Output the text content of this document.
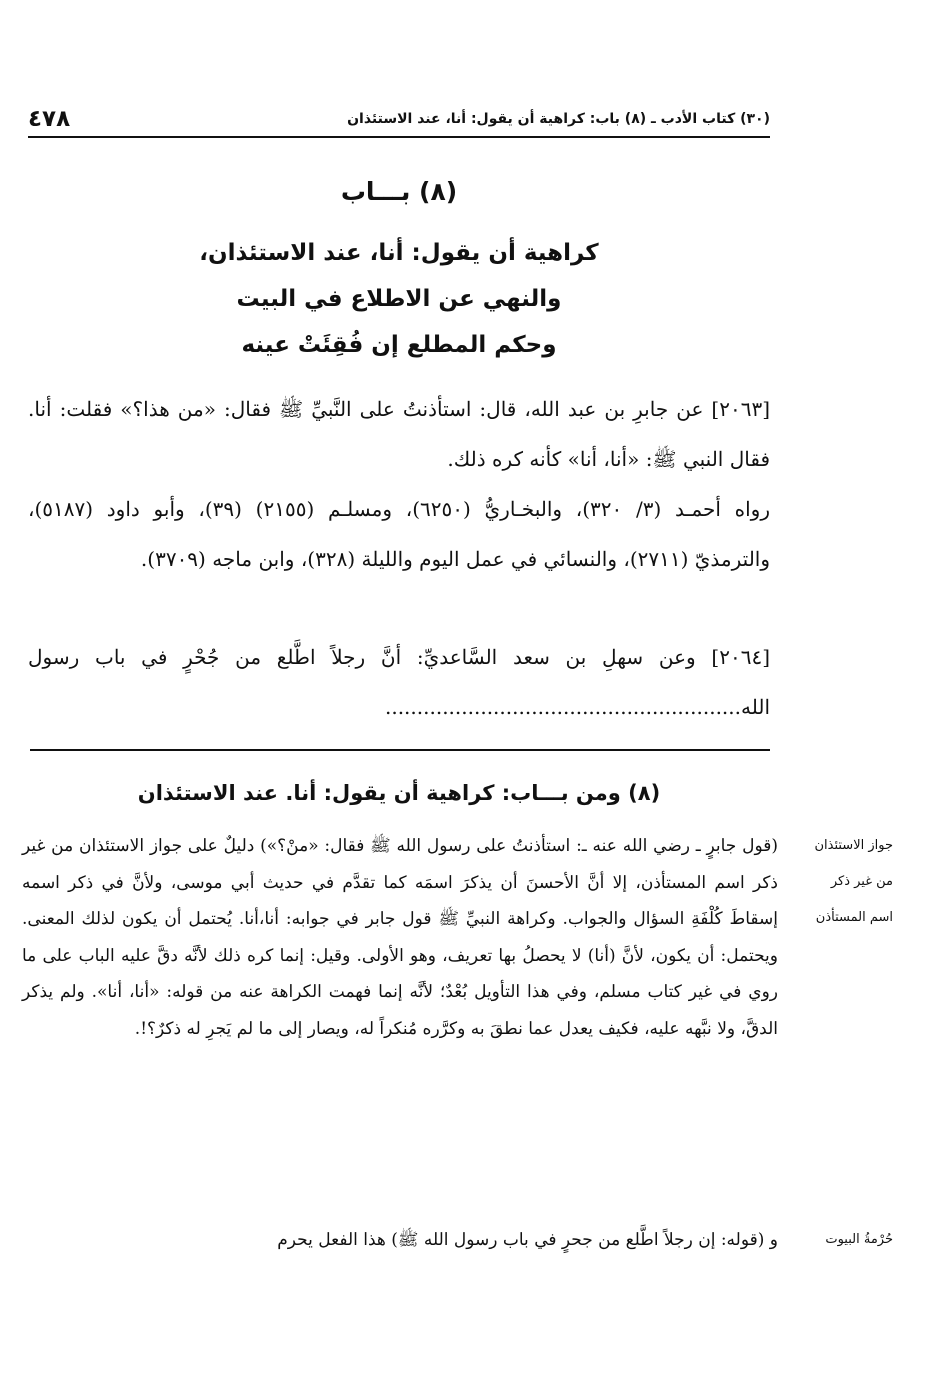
(٣٠) كتاب الأدب ـ (٨) باب: كراهية أن يقول: أنا، عند الاستئذان
٤٧٨
(٨) بـــاب

كراهية أن يقول: أنا، عند الاستئذان،

والنهي عن الاطلاع في البيت

وحكم المطلع إن فُقِئَتْ عينه

[٢٠٦٣] عن جابرِ بن عبد الله، قال: استأذنتُ على النَّبيِّ ﷺ فقال: «من هذا؟» فقلت: أنا. فقال النبي ﷺ: «أنا، أنا» كأنه كره ذلك.

رواه أحمـد (٣/ ٣٢٠)، والبخـاريُّ (٦٢٥٠)، ومسلـم (٢١٥٥) (٣٩)، وأبو داود (٥١٨٧)، والترمذيّ (٢٧١١)، والنسائي في عمل اليوم والليلة (٣٢٨)، وابن ماجه (٣٧٠٩).

[٢٠٦٤] وعن سهلِ بن سعد السَّاعديِّ: أنَّ رجلاً اطَّلع من جُحْرٍ في باب رسول الله........................................................

(٨) ومن بـــاب: كراهية أن يقول: أنا. عند الاستئذان
جواز الاستئذان
من غير ذكر
اسم المستأذن
حُرْمةُ البيوت

(قول جابرٍ ـ رضي الله عنه ـ: استأذنتُ على رسول الله ﷺ فقال: «منْ؟») دليلٌ على جواز الاستئذان من غير ذكر اسم المستأذن، إلا أنَّ الأحسنَ أن يذكرَ اسمَه كما تقدَّم في حديث أبي موسى، ولأنَّ في ذكر اسمه إسقاطَ كُلْفَةِ السؤال والجواب. وكراهة النبيِّ ﷺ قول جابر في جوابه: أنا،أنا. يُحتمل أن يكون لذلك المعنى. ويحتمل: أن يكون، لأنَّ (أنا) لا يحصلُ بها تعريف، وهو الأولى. وقيل: إنما كره ذلك لأنَّه دقَّ عليه الباب على ما روي في غير كتاب مسلم، وفي هذا التأويل بُعْدٌ؛ لأنَّه إنما فهمت الكراهة عنه من قوله: «أنا، أنا». ولم يذكر الدقَّ، ولا نبَّهه عليه، فكيف يعدل عما نطقَ به وكرَّره مُنكراً له، ويصار إلى ما لم يَجرِ له ذكرٌ؟!.

و (قوله: إن رجلاً اطَّلع من جحرٍ في باب رسول الله ﷺ) هذا الفعل يحرم
